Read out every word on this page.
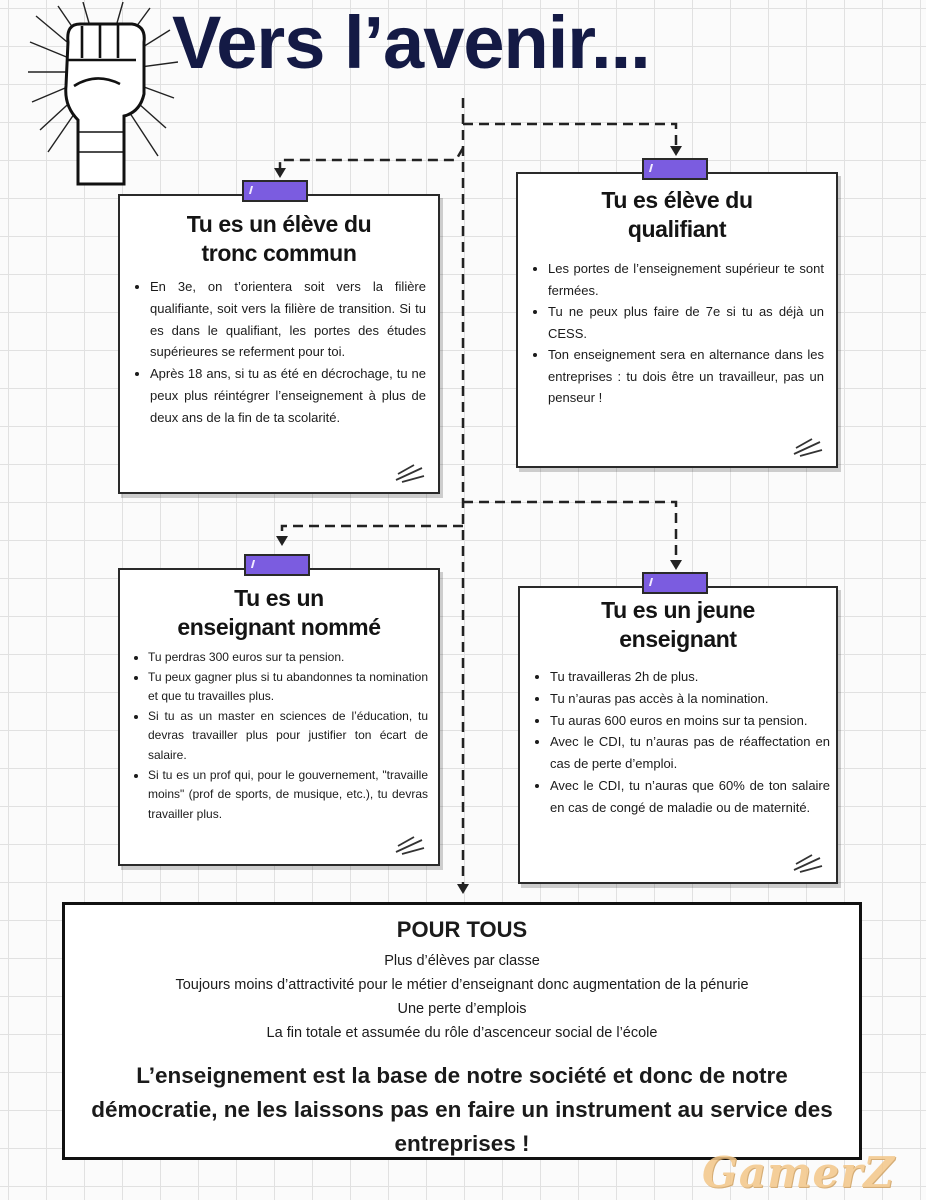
Vers l’avenir...
Tu es un élève du
tronc commun
• En 3e, on t’orientera soit vers la filière qualifiante, soit vers la filière de transition. Si tu es dans le qualifiant, les portes des études supérieures se referment pour toi.
• Après 18 ans, si tu as été en décrochage, tu ne peux plus réintégrer l’enseignement à plus de deux ans de la fin de ta scolarité.
Tu es élève du
qualifiant
• Les portes de l’enseignement supérieur te sont fermées.
• Tu ne peux plus faire de 7e si tu as déjà un CESS.
• Ton enseignement sera en alternance dans les entreprises : tu dois être un travailleur, pas un penseur !
Tu es un
enseignant nommé
• Tu perdras 300 euros sur ta pension.
• Tu peux gagner plus si tu abandonnes ta nomination et que tu travailles plus.
• Si tu as un master en sciences de l’éducation, tu devras travailler plus pour justifier ton écart de salaire.
• Si tu es un prof qui, pour le gouvernement, "travaille moins" (prof de sports, de musique, etc.), tu devras travailler plus.
Tu es un jeune
enseignant
• Tu travailleras 2h de plus.
• Tu n’auras pas accès à la nomination.
• Tu auras 600 euros en moins sur ta pension.
• Avec le CDI, tu n’auras pas de réaffectation en cas de perte d’emploi.
• Avec le CDI, tu n’auras que 60% de ton salaire en cas de congé de maladie ou de maternité.
POUR TOUS

Plus d’élèves par classe

Toujours moins d’attractivité pour le métier d’enseignant donc augmentation de la pénurie

Une perte d’emplois

La fin totale et assumée du rôle d’ascenceur social de l’école

L’enseignement est la base de notre société et donc de notre démocratie, ne les laissons pas en faire un instrument au service des entreprises !

GamerZ
